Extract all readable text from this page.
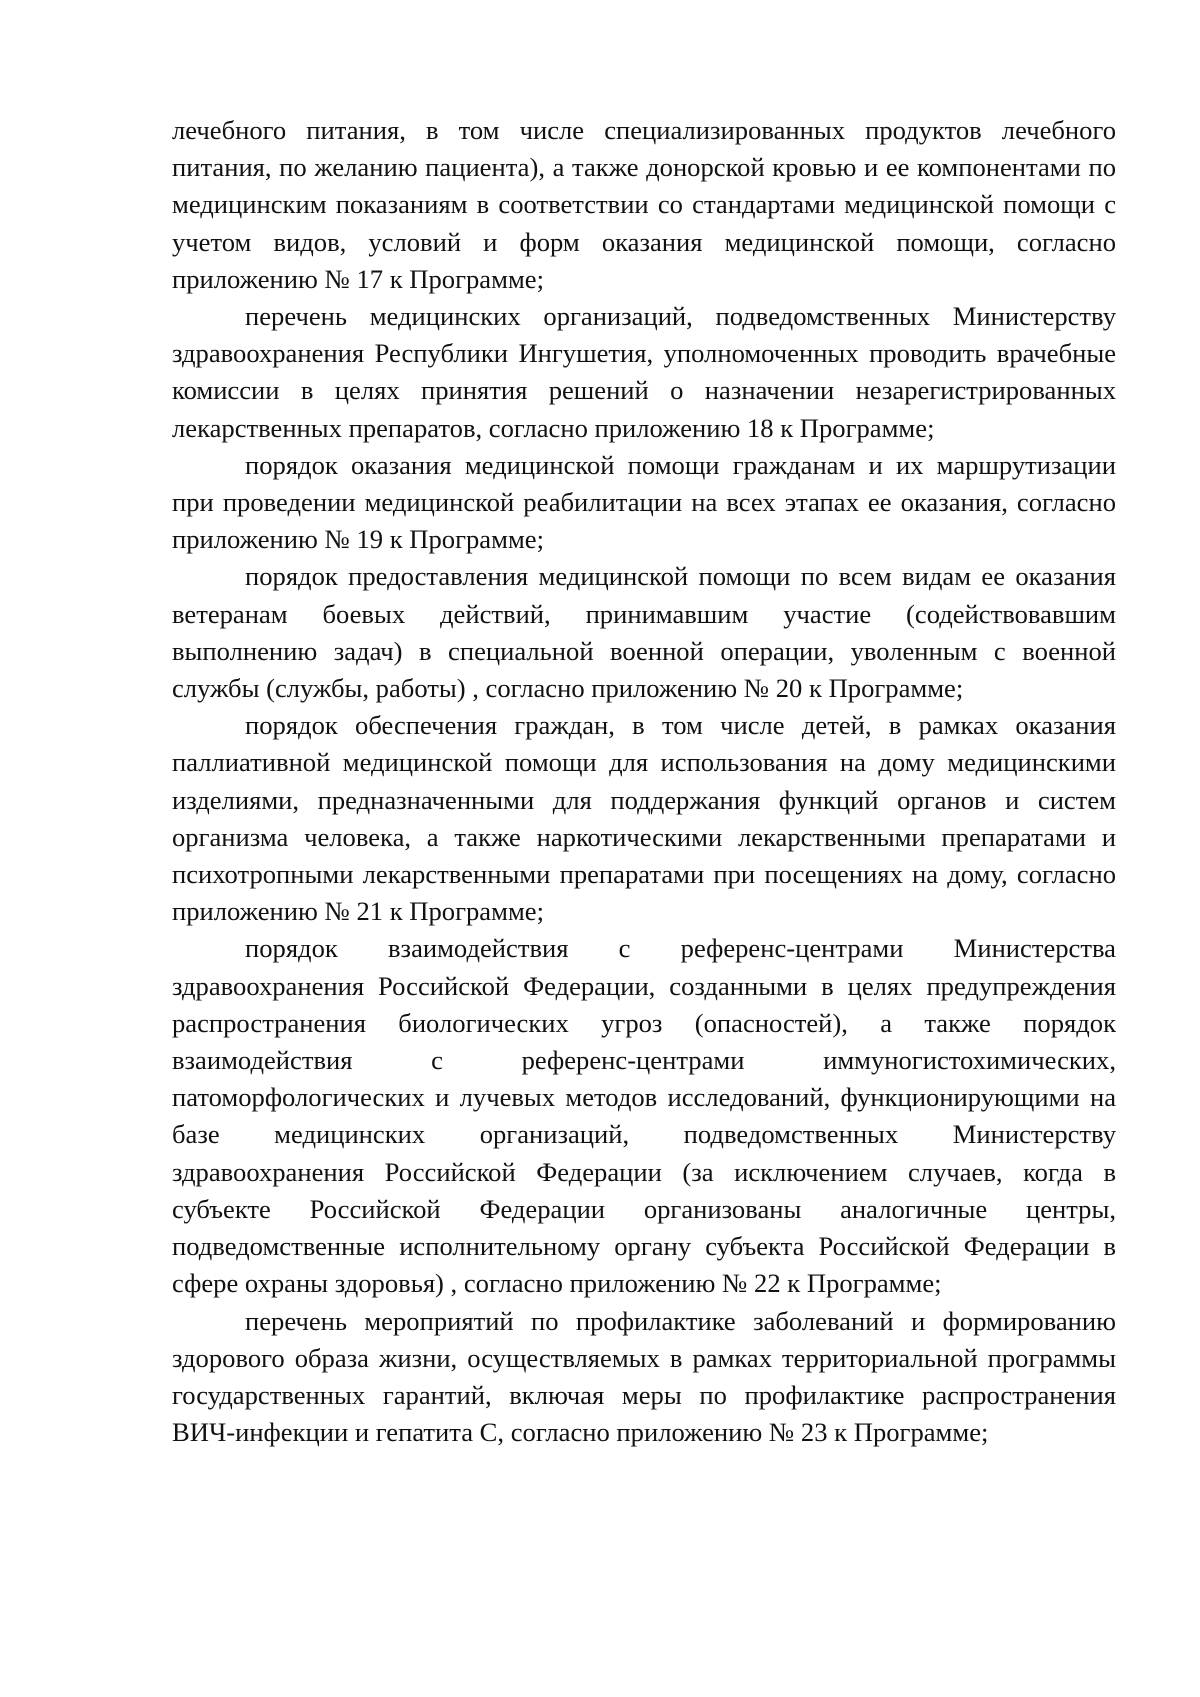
лечебного питания, в том числе специализированных продуктов лечебного питания, по желанию пациента), а также донорской кровью и ее компонентами по медицинским показаниям в соответствии со стандартами медицинской помощи с учетом видов, условий и форм оказания медицинской помощи, согласно приложению № 17 к Программе;

перечень медицинских организаций, подведомственных Министерству здравоохранения Республики Ингушетия, уполномоченных проводить врачебные комиссии в целях принятия решений о назначении незарегистрированных лекарственных препаратов, согласно приложению 18 к Программе;

порядок оказания медицинской помощи гражданам и их маршрутизации при проведении медицинской реабилитации на всех этапах ее оказания, согласно приложению № 19 к Программе;

порядок предоставления медицинской помощи по всем видам ее оказания ветеранам боевых действий, принимавшим участие (содействовавшим выполнению задач) в специальной военной операции, уволенным с военной службы (службы, работы) , согласно приложению № 20 к Программе;

порядок обеспечения граждан, в том числе детей, в рамках оказания паллиативной медицинской помощи для использования на дому медицинскими изделиями, предназначенными для поддержания функций органов и систем организма человека, а также наркотическими лекарственными препаратами и психотропными лекарственными препаратами при посещениях на дому, согласно приложению № 21 к Программе;

порядок взаимодействия с референс-центрами Министерства здравоохранения Российской Федерации, созданными в целях предупреждения распространения биологических угроз (опасностей), а также порядок взаимодействия с референс-центрами иммуногистохимических, патоморфологических и лучевых методов исследований, функционирующими на базе медицинских организаций, подведомственных Министерству здравоохранения Российской Федерации (за исключением случаев, когда в субъекте Российской Федерации организованы аналогичные центры, подведомственные исполнительному органу субъекта Российской Федерации в сфере охраны здоровья) , согласно приложению № 22 к Программе;

перечень мероприятий по профилактике заболеваний и формированию здорового образа жизни, осуществляемых в рамках территориальной программы государственных гарантий, включая меры по профилактике распространения ВИЧ-инфекции и гепатита С, согласно приложению № 23 к Программе;
